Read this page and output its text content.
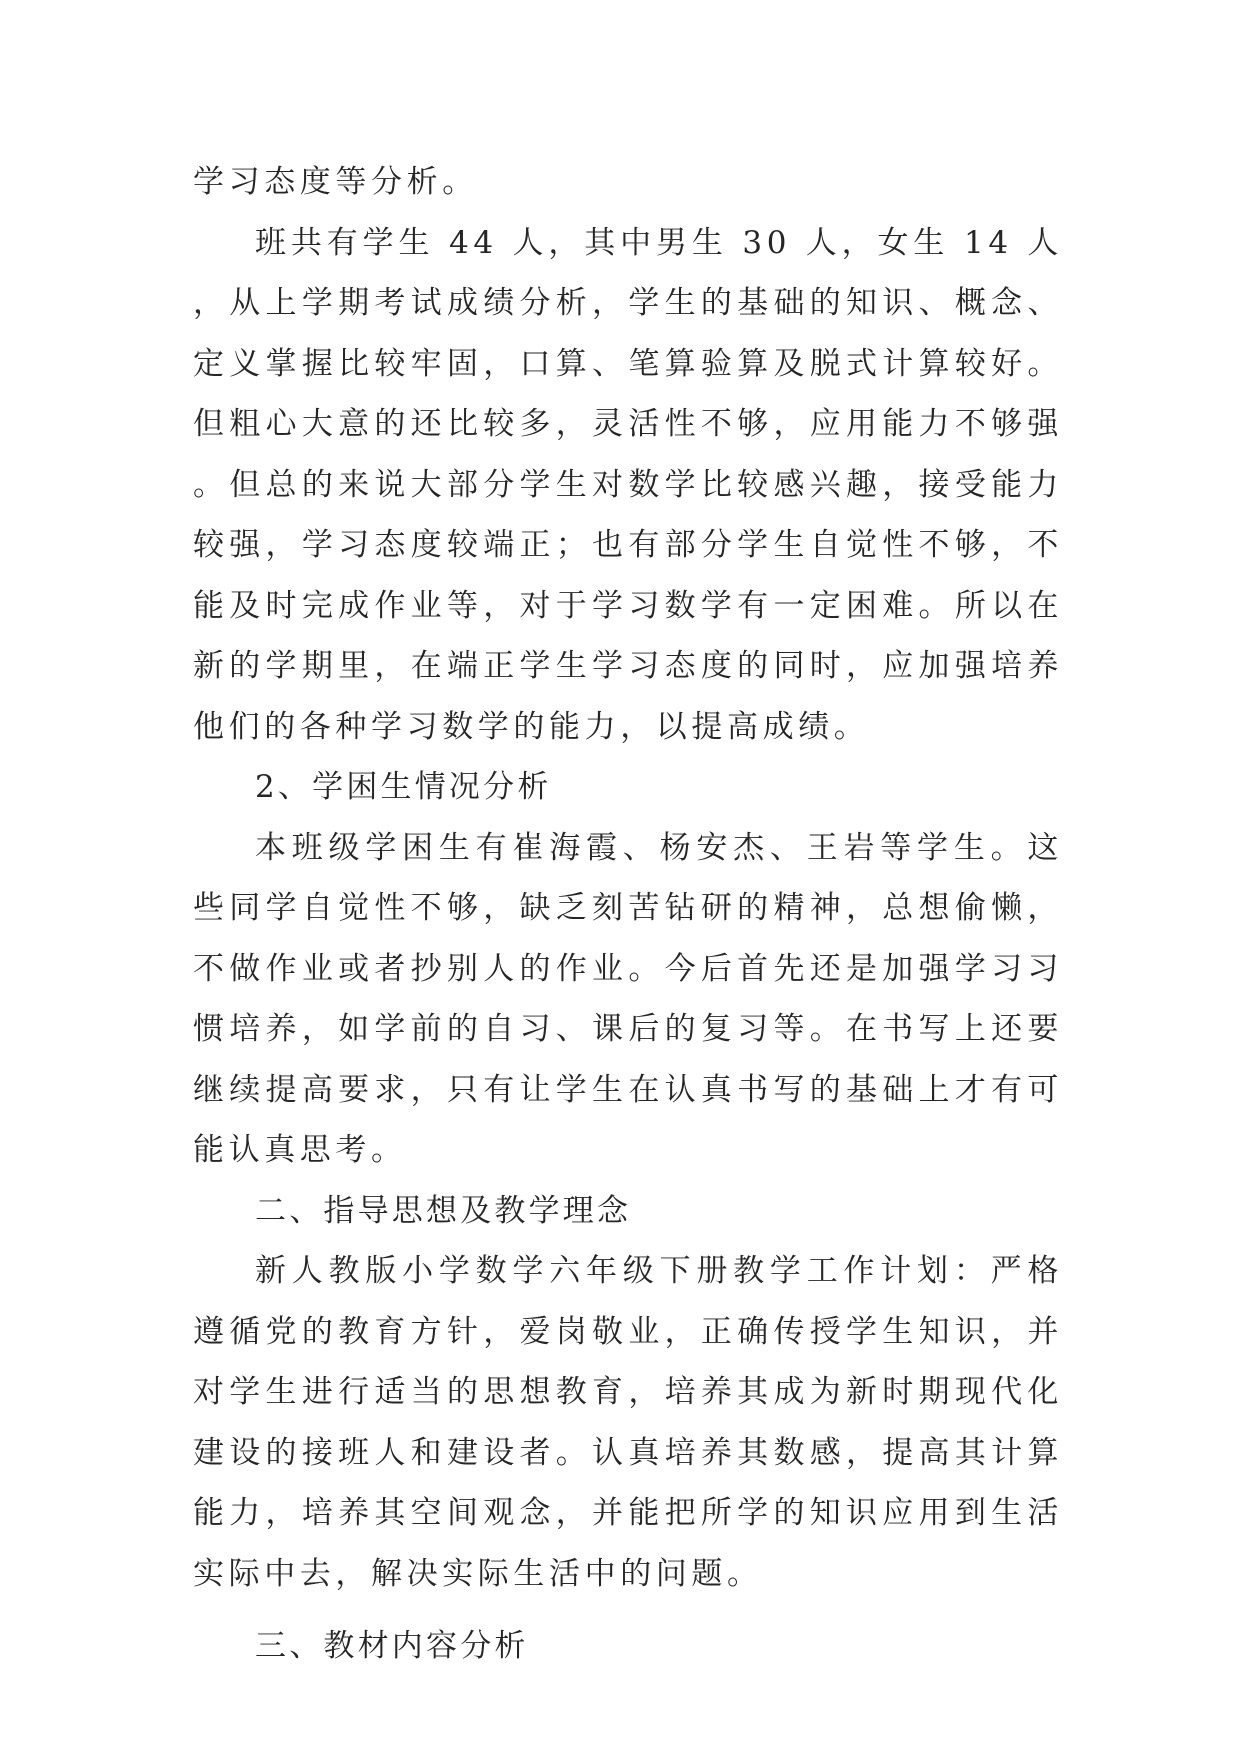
学习态度等分析。

班共有学生 44 人，其中男生 30 人，女生 14 人，从上学期考试成绩分析，学生的基础的知识、概念、定义掌握比较牢固，口算、笔算验算及脱式计算较好。但粗心大意的还比较多，灵活性不够，应用能力不够强。但总的来说大部分学生对数学比较感兴趣，接受能力较强，学习态度较端正；也有部分学生自觉性不够，不能及时完成作业等，对于学习数学有一定困难。所以在新的学期里，在端正学生学习态度的同时，应加强培养他们的各种学习数学的能力，以提高成绩。

2、学困生情况分析

本班级学困生有崔海霞、杨安杰、王岩等学生。这些同学自觉性不够，缺乏刻苦钻研的精神，总想偷懒，不做作业或者抄别人的作业。今后首先还是加强学习习惯培养，如学前的自习、课后的复习等。在书写上还要继续提高要求，只有让学生在认真书写的基础上才有可能认真思考。

二、指导思想及教学理念

新人教版小学数学六年级下册教学工作计划：严格遵循党的教育方针，爱岗敬业，正确传授学生知识，并对学生进行适当的思想教育，培养其成为新时期现代化建设的接班人和建设者。认真培养其数感，提高其计算能力，培养其空间观念，并能把所学的知识应用到生活实际中去，解决实际生活中的问题。

三、教材内容分析
